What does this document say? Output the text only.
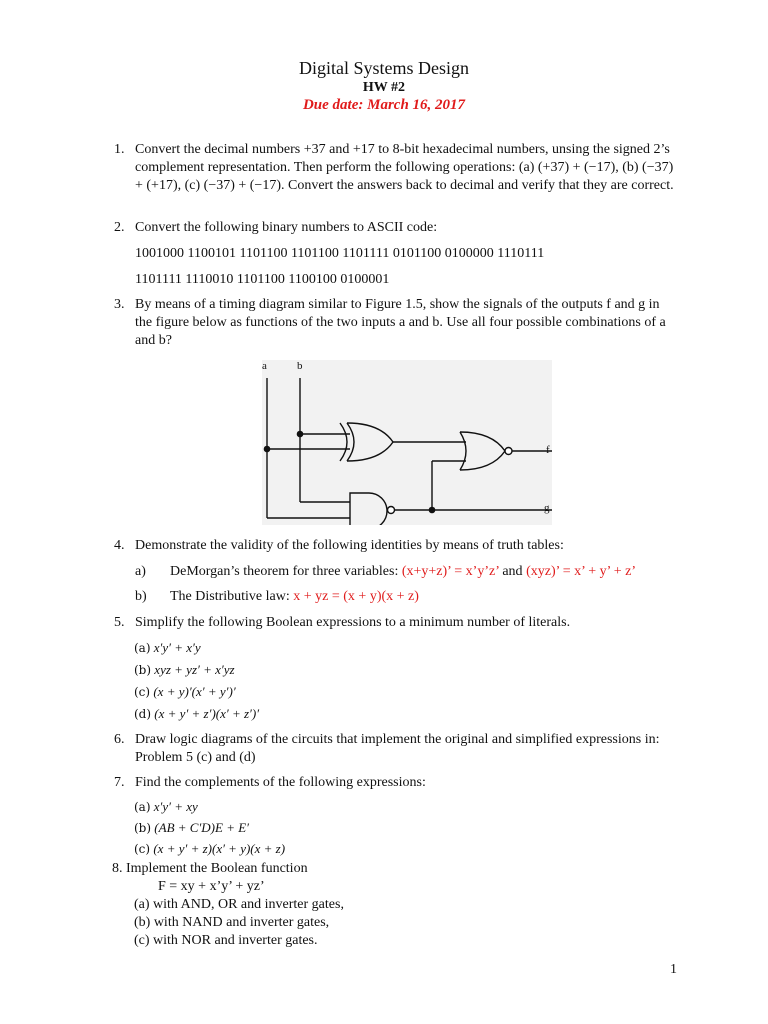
Digital Systems Design
HW #2
Due date: March 16, 2017
1. Convert the decimal numbers +37 and +17 to 8-bit hexadecimal numbers, unsing the signed 2’s complement representation. Then perform the following operations: (a) (+37) + (−17), (b) (−37) + (+17), (c) (−37) + (−17). Convert the answers back to decimal and verify that they are correct.
2. Convert the following binary numbers to ASCII code:
1001000 1100101 1101100 1101100 1101111 0101100 0100000 1110111
1101111 1110010 1101100 1100100 0100001
3. By means of a timing diagram similar to Figure 1.5, show the signals of the outputs f and g in the figure below as functions of the two inputs a and b. Use all four possible combinations of a and b?
a	b
f
g
4. Demonstrate the validity of the following identities by means of truth tables:
a) DeMorgan’s theorem for three variables: (x+y+z)’ = x’y’z’ and (xyz)’ = x’ + y’ + z’
b) The Distributive law: x + yz = (x + y)(x + z)
5. Simplify the following Boolean expressions to a minimum number of literals.
(a) x′y′ + x′y
(b) xyz + yz′ + x′yz
(c) (x + y)′(x′ + y′)′
(d) (x + y′ + z′)(x′ + z′)′
6. Draw logic diagrams of the circuits that implement the original and simplified expressions in: Problem 5 (c) and (d)
7. Find the complements of the following expressions:
(a) x′y′ + xy
(b) (AB + C′D)E + E′
(c) (x + y′ + z)(x′ + y)(x + z)
8. Implement the Boolean function
F = xy + x’y’ + yz’
(a) with AND, OR and inverter gates,
(b) with NAND and inverter gates,
(c) with NOR and inverter gates.
1
